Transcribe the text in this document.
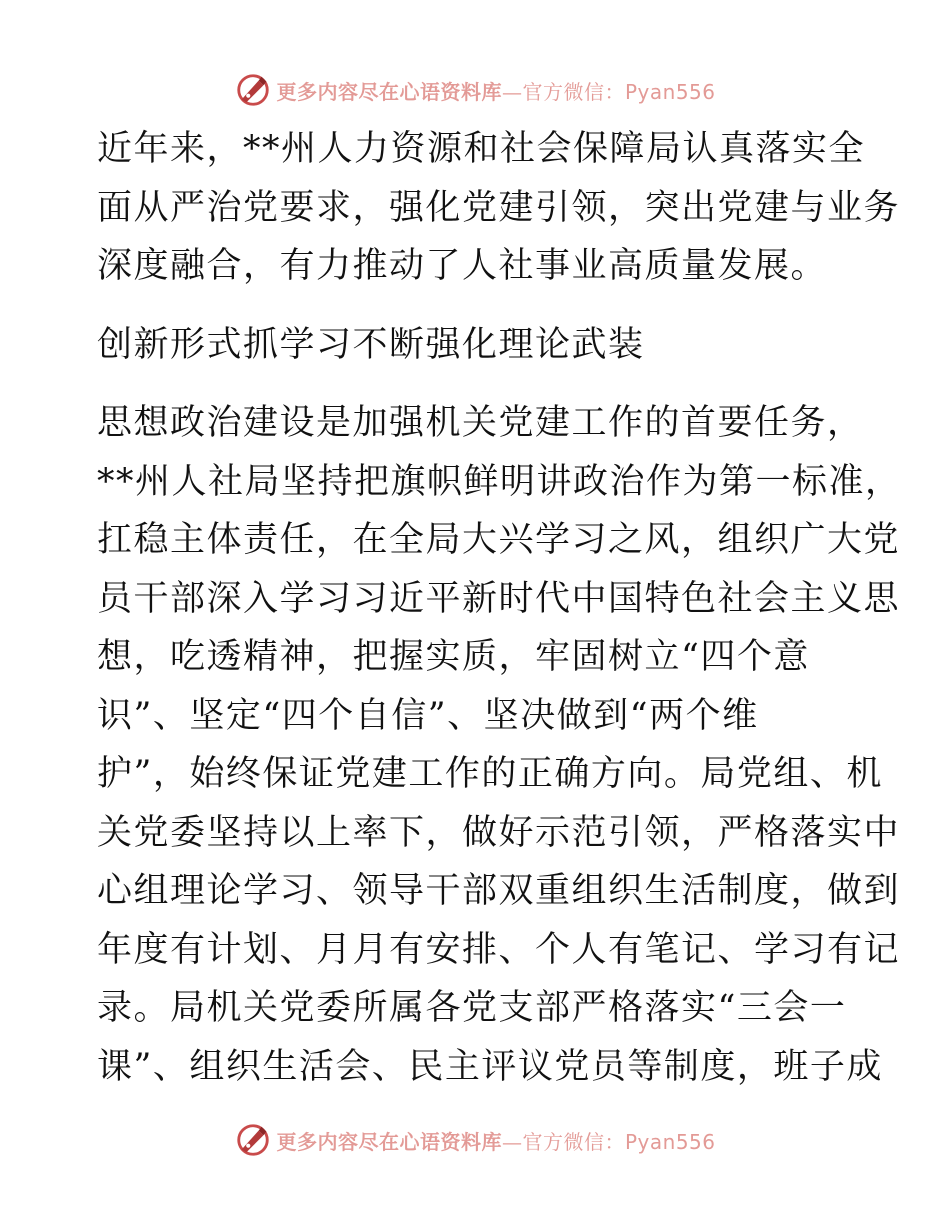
更多内容尽在心语资料库—官方微信：Pyan556

近年来，**州人力资源和社会保障局认真落实全

面从严治党要求，强化党建引领，突出党建与业务

深度融合，有力推动了人社事业高质量发展。

创新形式抓学习不断强化理论武装

思想政治建设是加强机关党建工作的首要任务，

**州人社局坚持把旗帜鲜明讲政治作为第一标准，

扛稳主体责任，在全局大兴学习之风，组织广大党

员干部深入学习习近平新时代中国特色社会主义思

想，吃透精神，把握实质，牢固树立“四个意

识”、坚定“四个自信”、坚决做到“两个维

护”，始终保证党建工作的正确方向。局党组、机

关党委坚持以上率下，做好示范引领，严格落实中

心组理论学习、领导干部双重组织生活制度，做到

年度有计划、月月有安排、个人有笔记、学习有记

录。局机关党委所属各党支部严格落实“三会一

课”、组织生活会、民主评议党员等制度，班子成

更多内容尽在心语资料库—官方微信：Pyan556
